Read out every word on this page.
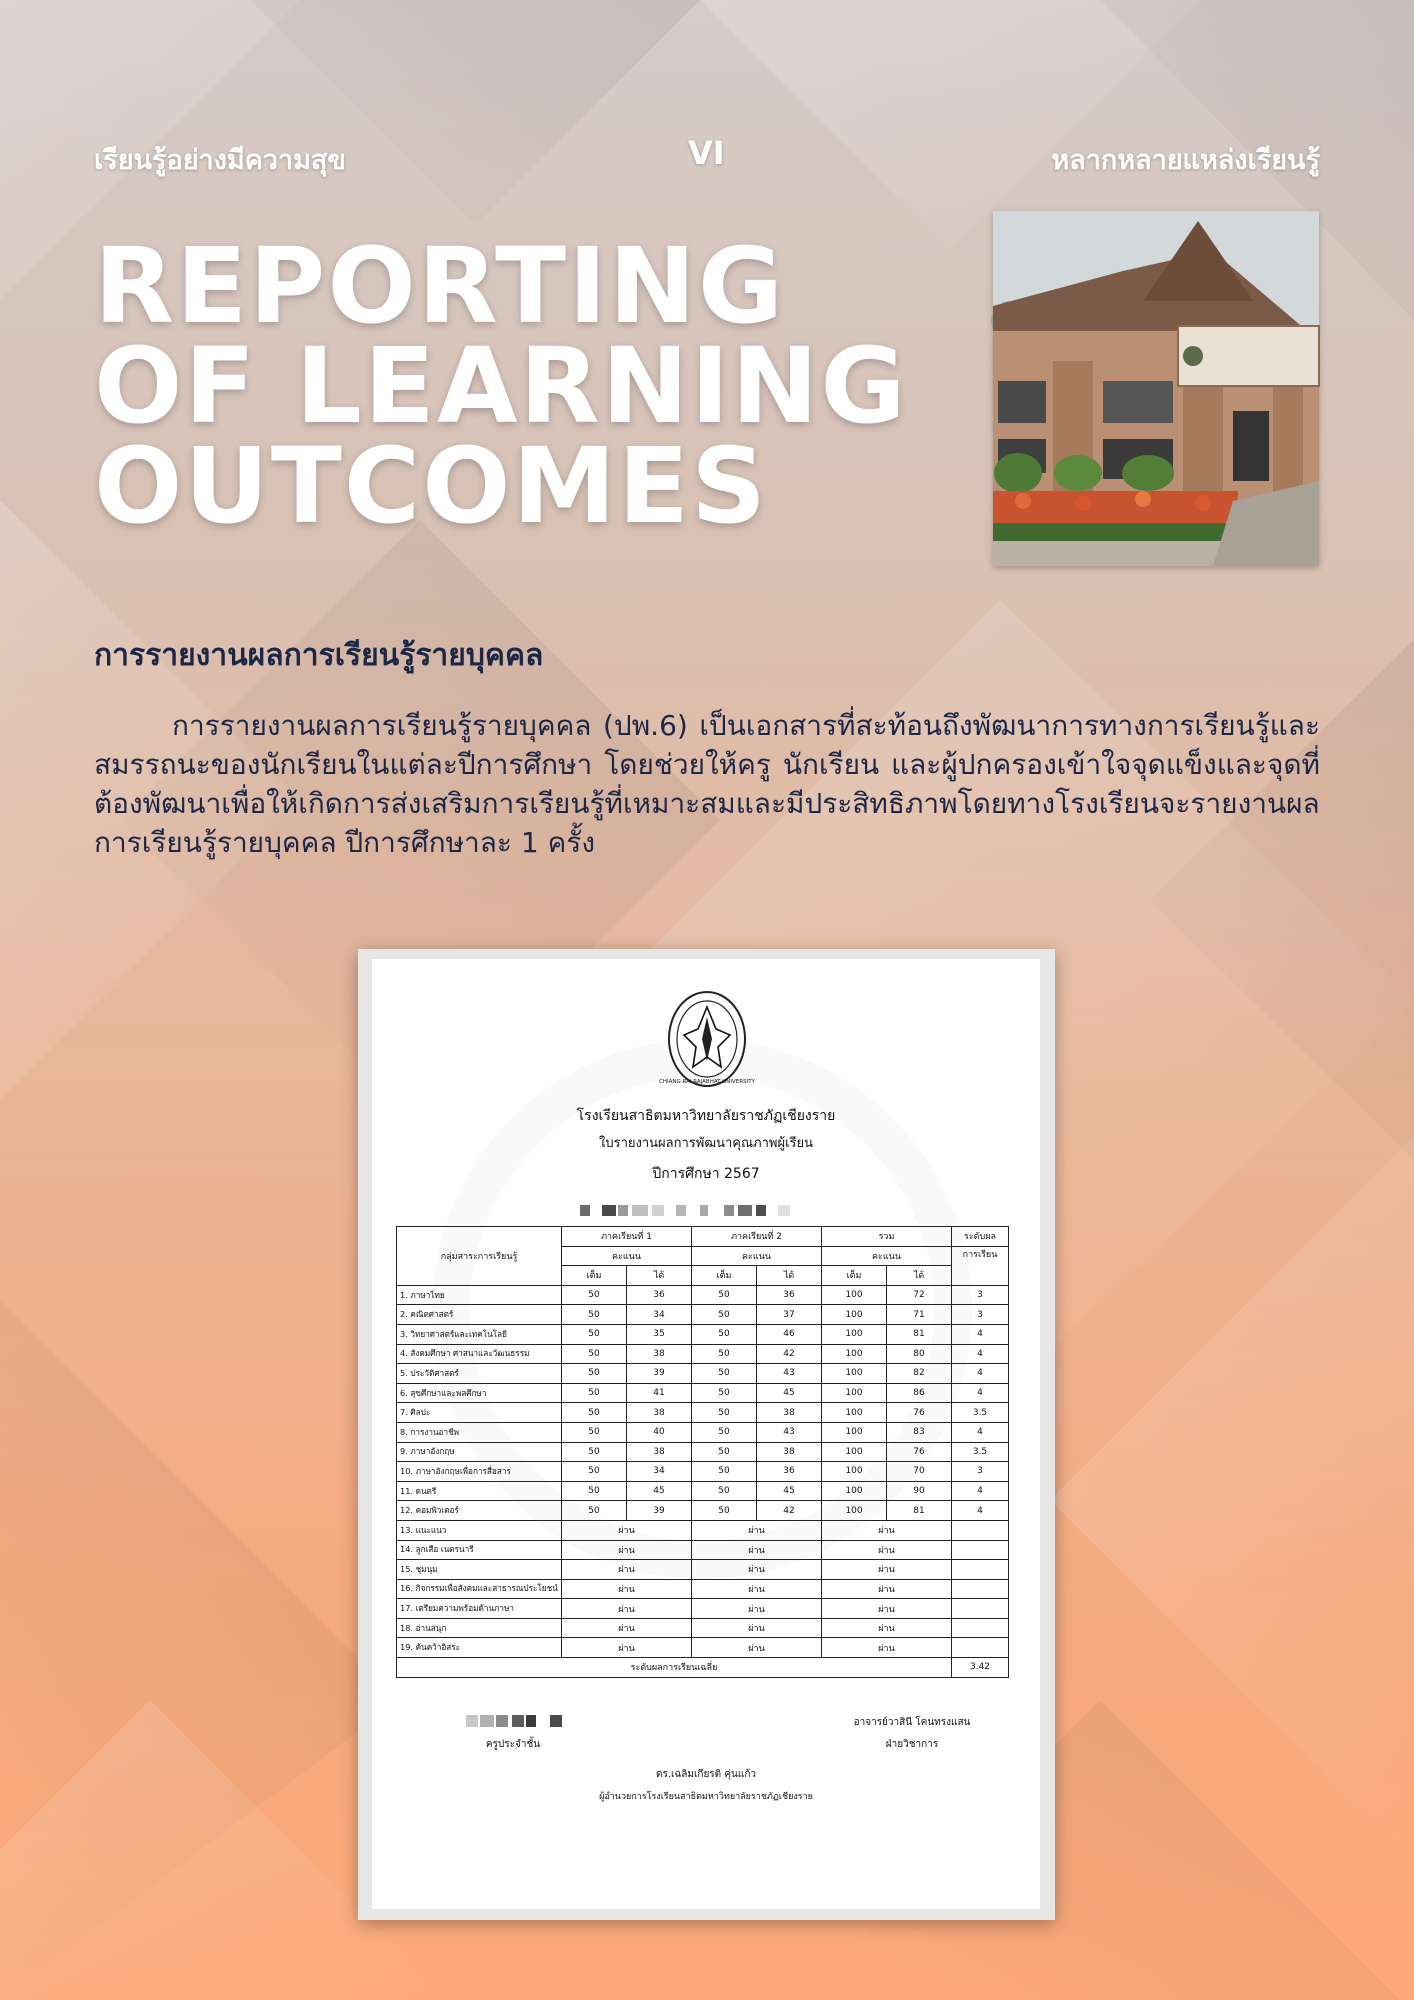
เรียนรู้อย่างมีความสุข	VI	หลากหลายแหล่งเรียนรู้
REPORTING
OF LEARNING
OUTCOMES
การรายงานผลการเรียนรู้รายบุคคล

การรายงานผลการเรียนรู้รายบุคคล (ปพ.6) เป็นเอกสารที่สะท้อนถึงพัฒนาการทางการเรียนรู้และสมรรถนะของนักเรียนในแต่ละปีการศึกษา โดยช่วยให้ครู นักเรียน และผู้ปกครองเข้าใจจุดแข็งและจุดที่ต้องพัฒนาเพื่อให้เกิดการส่งเสริมการเรียนรู้ที่เหมาะสมและมีประสิทธิภาพโดยทางโรงเรียนจะรายงานผลการเรียนรู้รายบุคคล ปีการศึกษาละ 1 ครั้ง

CHIANG RAI RAJABHAT UNIVERSITY
โรงเรียนสาธิตมหาวิทยาลัยราชภัฏเชียงราย
ใบรายงานผลการพัฒนาคุณภาพผู้เรียน
ปีการศึกษา 2567
กลุ่มสาระการเรียนรู้	ภาคเรียนที่ 1		ภาคเรียนที่ 2		รวม		ระดับผล
	คะแนน		คะแนน		คะแนน		การเรียน
	เต็ม	ได้	เต็ม	ได้	เต็ม	ได้	
1. ภาษาไทย	50	36	50	36	100	72	3
2. คณิตศาสตร์	50	34	50	37	100	71	3
3. วิทยาศาสตร์และเทคโนโลยี	50	35	50	46	100	81	4
4. สังคมศึกษา ศาสนาและวัฒนธรรม	50	38	50	42	100	80	4
5. ประวัติศาสตร์	50	39	50	43	100	82	4
6. สุขศึกษาและพลศึกษา	50	41	50	45	100	86	4
7. ศิลปะ	50	38	50	38	100	76	3.5
8. การงานอาชีพ	50	40	50	43	100	83	4
9. ภาษาอังกฤษ	50	38	50	38	100	76	3.5
10. ภาษาอังกฤษเพื่อการสื่อสาร	50	34	50	36	100	70	3
11. ดนตรี	50	45	50	45	100	90	4
12. คอมพิวเตอร์	50	39	50	42	100	81	4
13. แนะแนว	ผ่าน		ผ่าน		ผ่าน		
14. ลูกเสือ เนตรนารี	ผ่าน		ผ่าน		ผ่าน		
15. ชุมนุม	ผ่าน		ผ่าน		ผ่าน		
16. กิจกรรมเพื่อสังคมและสาธารณประโยชน์	ผ่าน		ผ่าน		ผ่าน		
17. เตรียมความพร้อมด้านภาษา	ผ่าน		ผ่าน		ผ่าน		
18. อ่านสนุก	ผ่าน		ผ่าน		ผ่าน		
19. ค้นคว้าอิสระ	ผ่าน		ผ่าน		ผ่าน		
ระดับผลการเรียนเฉลี่ย							3.42
ครูประจำชั้น
อาจารย์วาสินี โคนทรงแสน
ฝ่ายวิชาการ
ดร.เฉลิมเกียรติ คุ่นแก้ว
ผู้อำนวยการโรงเรียนสาธิตมหาวิทยาลัยราชภัฏเชียงราย
